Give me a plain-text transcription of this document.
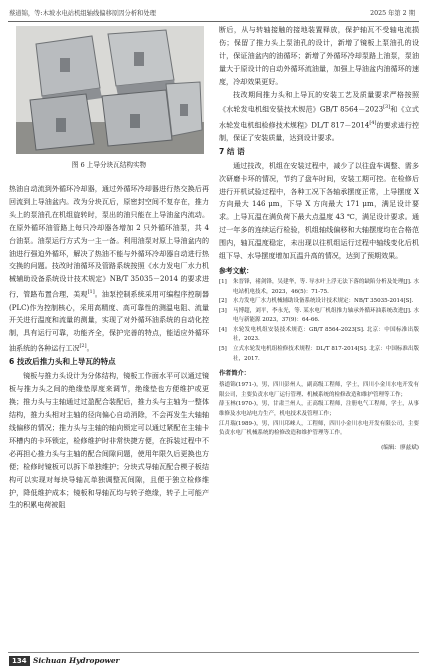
蔡道锦，等:木坡水电站机组轴线偏移原因分析和处理	2025 年第 2 期
图 6 上导分块瓦结构实物

热油自动流到外循环冷却器，通过外循环冷却器进行热交换后再回流到上导油盆内。改为分块瓦后，原密封空间不复存在，推力头上的泵油孔在机组旋转时，泵出的油只能在上导油盆内流动。在原外循环油管路上每只冷却器各增加 2 只外循环油泵，共 4 台油泵。油泵运行方式为一主一备。利用油泵对原上导油盆内的油进行强迫外循环，解决了热油不能与外循环冷却器自动进行热交换的问题。技改时油循环及管路系统按照《水力发电厂水力机械辅助设备系统设计技术规定》NB/T 35035－2014 的要求进行，管路布置合理，美观[1]。油泵控制系统采用可编程序控制器(PLC)作为控制核心，采用高精度、高可靠性的测温电阻、流量开关进行温度和流量的测量，实现了对外循环油系统的自动化控制，具有运行可靠，功能齐全，保护完善的特点，能适应外循环油系统的各种运行工况[2]。

6 技改后推力头和上导瓦的特点

镜板与推力头设计为分体结构，镜板工作面水平可以通过镜板与推力头之间的绝缘垫厚度来调节，绝缘垫也方便维护或更换；推力头与主轴通过过盈配合装配后，推力头与主轴为一整体结构，推力头相对主轴的径向偏心自动消除，不会再发生大轴轴线偏移的情况；推力头与主轴的轴向锁定可以通过紧配在主轴卡环槽内的卡环锁定，检修维护时非常快捷方便，在拆装过程中不必再担心推力头与主轴的配合间隙问题，使用年限久后更换也方便；检修时镜板可以拆下单独维护；分块式导轴瓦配合楔子板结构可以实现对每块导轴瓦单独调整瓦间隙，且便于独立检修维护，降低维护成本；镜板和导轴瓦均与转子绝缘，转子上可能产生的积累电荷被阻

断后，从与转轴接触的接地装置释放，保护轴瓦不受轴电流损伤；保留了推力头上泵油孔的设计，新增了镜板上泵油孔的设计，保证油盆内的油循环；新增了外循环冷却泵路上油泵，泵油量大于原设计的自动外循环流油量，加强上导油盆内油循环的速度，冷却效果更好。

技改期间推力头和上导瓦的安装工艺及质量要求严格按照《水轮发电机组安装技术规范》GB/T 8564－2023[3]和《立式水轮发电机组检修技术规程》DL/T 817－2014[4]的要求进行控制，保证了安装质量，达到设计要求。

7 结 语

通过技改，机组在安装过程中，减少了以往盘车调整、需多次研磨卡环的情况，节约了盘车时间，安装工期可控。在检修后进行开机试验过程中，各种工况下各轴承摆度正常，上导摆度 X 方向最大 146 μm，下导 X 方向最大 171 μm，满足设计要求。上导瓦温在满负荷下最大点温度 43 ℃，满足设计要求。通过一年多的连续运行检验，机组轴线偏移和大轴摆度均在合格范围内，轴瓦温度稳定，未出现以往机组运行过程中轴线变化后机组下导、水导摆度增加瓦温升高的情况，达到了预期效果。

参考文献：
[1]	朱晋锋，褚剑锋，吴建华，等. 导水叶上浮无法下落的缺陷分析及处理[J]. 水电站机电技术，2023，46(5)：71-75.
[2]	水力发电厂水力机械辅助设备系统设计技术规定：NB/T 35035-2014[S].
[3]	马博超，刘平，李永光，等. 某水电厂机组推力轴承外循环油系统改进[J]. 水电与新能源 2023，37(9)：64-66.
[4]	水轮发电机组安装技术规范：GB/T 8564-2023[S]. 北京：中国标准出版社，2023.
[5]	立式水轮发电机组检修技术规程：DL/T 817-2014[S]. 北京：中国标准出版社，2017.
作者简介：
蔡道锦(1971-)，男，四川彭州人，副高级工程师，学士，四川小金川水电开发有限公司，主要负责水电厂运行管理、机械系统的检修改造和维护管理等工作；
薛玉林(1970-)，男，甘肃兰州人，正高级工程师，注册电气工程师，学士，从事维修及水电站电力生产，机电技术及管理工作；
江月瑞(1989-)，男，四川邛崃人，工程师，四川小金川水电开发有限公司，主要负责水电厂机械系统的检修改造和维护管理等工作。
(编辑：廖兹斌)
134 Sichuan Hydropower
